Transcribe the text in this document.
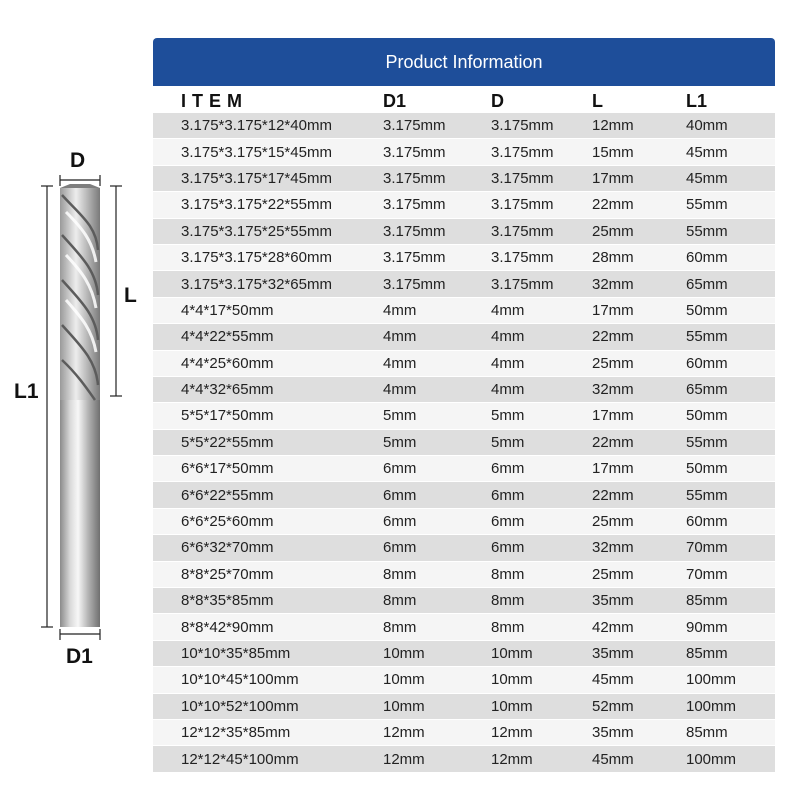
D
D1
L
L1
Product Information
ITEM	D1	D	L	L1
3.175*3.175*12*40mm	3.175mm	3.175mm	12mm	40mm
3.175*3.175*15*45mm	3.175mm	3.175mm	15mm	45mm
3.175*3.175*17*45mm	3.175mm	3.175mm	17mm	45mm
3.175*3.175*22*55mm	3.175mm	3.175mm	22mm	55mm
3.175*3.175*25*55mm	3.175mm	3.175mm	25mm	55mm
3.175*3.175*28*60mm	3.175mm	3.175mm	28mm	60mm
3.175*3.175*32*65mm	3.175mm	3.175mm	32mm	65mm
4*4*17*50mm	4mm	4mm	17mm	50mm
4*4*22*55mm	4mm	4mm	22mm	55mm
4*4*25*60mm	4mm	4mm	25mm	60mm
4*4*32*65mm	4mm	4mm	32mm	65mm
5*5*17*50mm	5mm	5mm	17mm	50mm
5*5*22*55mm	5mm	5mm	22mm	55mm
6*6*17*50mm	6mm	6mm	17mm	50mm
6*6*22*55mm	6mm	6mm	22mm	55mm
6*6*25*60mm	6mm	6mm	25mm	60mm
6*6*32*70mm	6mm	6mm	32mm	70mm
8*8*25*70mm	8mm	8mm	25mm	70mm
8*8*35*85mm	8mm	8mm	35mm	85mm
8*8*42*90mm	8mm	8mm	42mm	90mm
10*10*35*85mm	10mm	10mm	35mm	85mm
10*10*45*100mm	10mm	10mm	45mm	100mm
10*10*52*100mm	10mm	10mm	52mm	100mm
12*12*35*85mm	12mm	12mm	35mm	85mm
12*12*45*100mm	12mm	12mm	45mm	100mm
